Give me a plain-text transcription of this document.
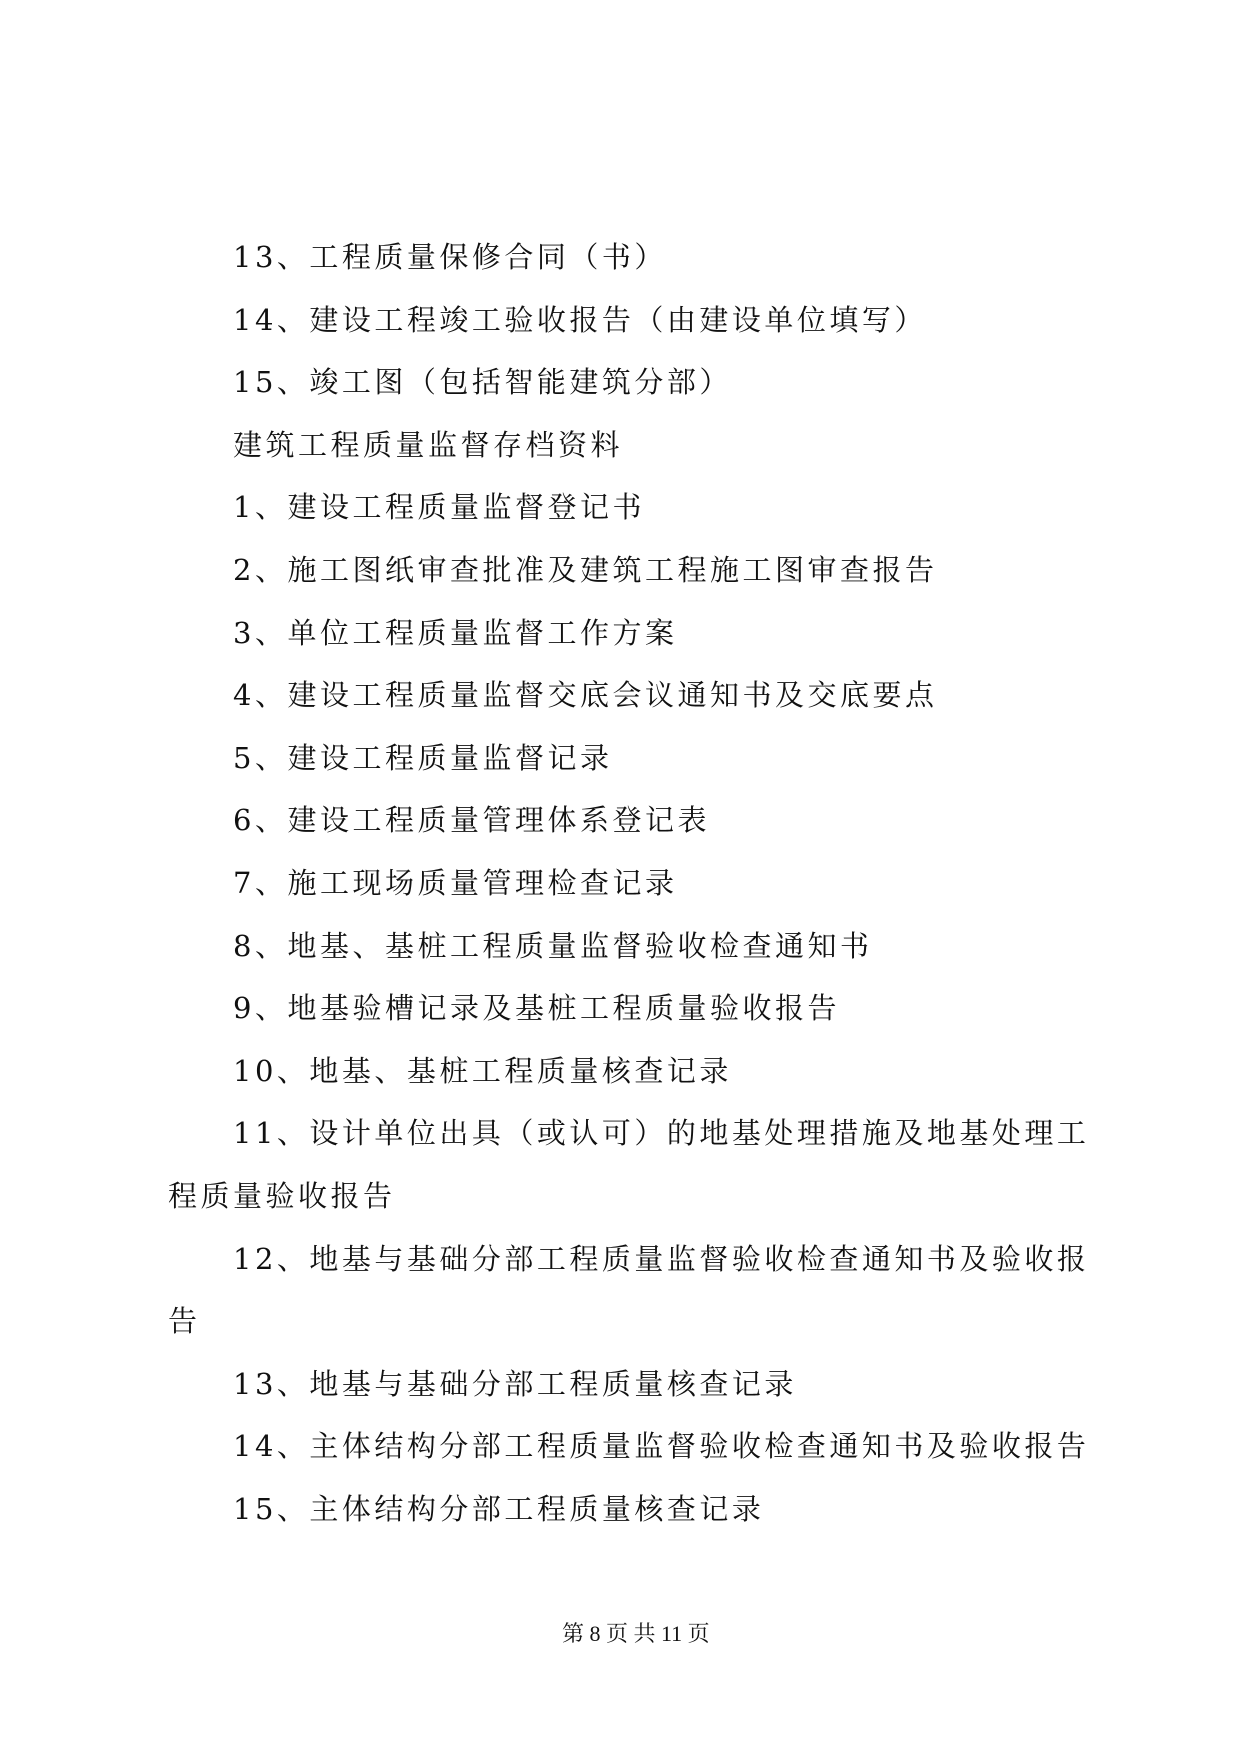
13、工程质量保修合同（书）
14、建设工程竣工验收报告（由建设单位填写）
15、竣工图（包括智能建筑分部）
建筑工程质量监督存档资料
1、建设工程质量监督登记书
2、施工图纸审查批准及建筑工程施工图审查报告
3、单位工程质量监督工作方案
4、建设工程质量监督交底会议通知书及交底要点
5、建设工程质量监督记录
6、建设工程质量管理体系登记表
7、施工现场质量管理检查记录
8、地基、基桩工程质量监督验收检查通知书
9、地基验槽记录及基桩工程质量验收报告
10、地基、基桩工程质量核查记录
11、设计单位出具（或认可）的地基处理措施及地基处理工
程质量验收报告
12、地基与基础分部工程质量监督验收检查通知书及验收报
告
13、地基与基础分部工程质量核查记录
14、主体结构分部工程质量监督验收检查通知书及验收报告
15、主体结构分部工程质量核查记录
第 8 页 共 11 页
